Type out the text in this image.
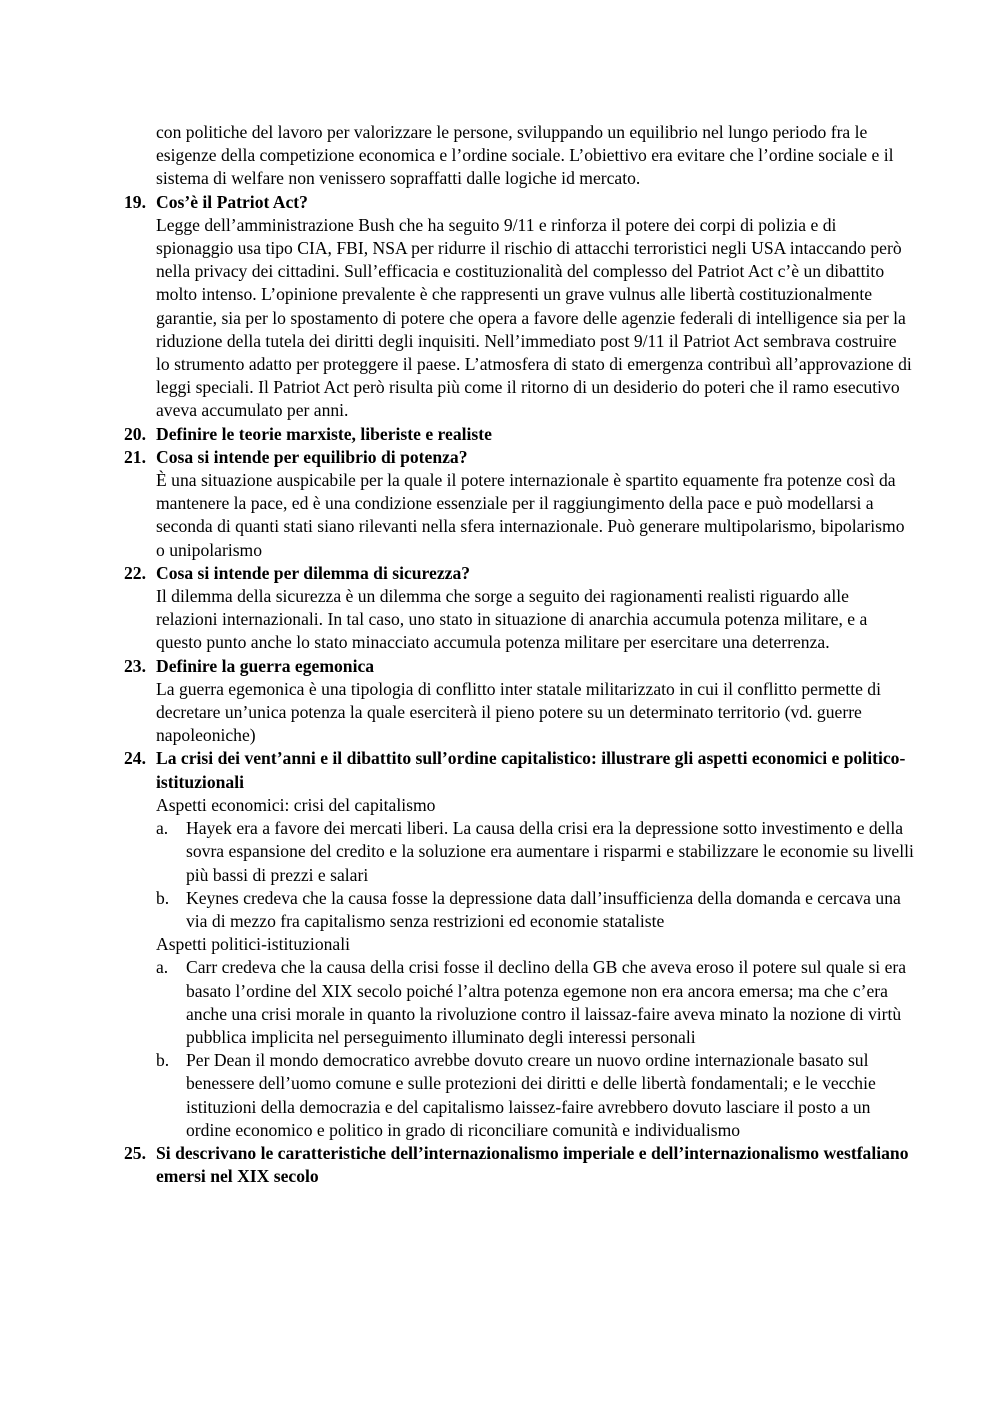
con politiche del lavoro per valorizzare le persone, sviluppando un equilibrio nel lungo periodo fra le esigenze della competizione economica e l’ordine sociale. L’obiettivo era evitare che l’ordine sociale e il sistema di welfare non venissero sopraffatti dalle logiche id mercato.

19. Cos’è il Patriot Act?

Legge dell’amministrazione Bush che ha seguito 9/11 e rinforza il potere dei corpi di polizia e di spionaggio usa tipo CIA, FBI, NSA per ridurre il rischio di attacchi terroristici negli USA intaccando però nella privacy dei cittadini. Sull’efficacia e costituzionalità del complesso del Patriot Act c’è un dibattito molto intenso. L’opinione prevalente è che rappresenti un grave vulnus alle libertà costituzionalmente garantie, sia per lo spostamento di potere che opera a favore delle agenzie federali di intelligence sia per la riduzione della tutela dei diritti degli inquisiti. Nell’immediato post 9/11 il Patriot Act sembrava costruire lo strumento adatto per proteggere il paese. L’atmosfera di stato di emergenza contribuì all’approvazione di leggi speciali. Il Patriot Act però risulta più come il ritorno di un desiderio do poteri che il ramo esecutivo aveva accumulato per anni.

20. Definire le teorie marxiste, liberiste e realiste
21. Cosa si intende per equilibrio di potenza?

È una situazione auspicabile per la quale il potere internazionale è spartito equamente fra potenze così da mantenere la pace, ed è una condizione essenziale per il raggiungimento della pace e può modellarsi a seconda di quanti stati siano rilevanti nella sfera internazionale. Può generare multipolarismo, bipolarismo o unipolarismo

22. Cosa si intende per dilemma di sicurezza?

Il dilemma della sicurezza è un dilemma che sorge a seguito dei ragionamenti realisti riguardo alle relazioni internazionali. In tal caso, uno stato in situazione di anarchia accumula potenza militare, e a questo punto anche lo stato minacciato accumula potenza militare per esercitare una deterrenza.

23. Definire la guerra egemonica

La guerra egemonica è una tipologia di conflitto inter statale militarizzato in cui il conflitto permette di decretare un’unica potenza la quale eserciterà il pieno potere su un determinato territorio (vd. guerre napoleoniche)

24. La crisi dei vent’anni e il dibattito sull’ordine capitalistico: illustrare gli aspetti economici e politico-istituzionali

Aspetti economici: crisi del capitalismo

a. Hayek era a favore dei mercati liberi. La causa della crisi era la depressione sotto investimento e della sovra espansione del credito e la soluzione era aumentare i risparmi e stabilizzare le economie su livelli più bassi di prezzi e salari
b. Keynes credeva che la causa fosse la depressione data dall’insufficienza della domanda e cercava una via di mezzo fra capitalismo senza restrizioni ed economie stataliste

Aspetti politici-istituzionali

a. Carr credeva che la causa della crisi fosse il declino della GB che aveva eroso il potere sul quale si era basato l’ordine del XIX secolo poiché l’altra potenza egemone non era ancora emersa; ma che c’era anche una crisi morale in quanto la rivoluzione contro il laissaz-faire aveva minato la nozione di virtù pubblica implicita nel perseguimento illuminato degli interessi personali
b. Per Dean il mondo democratico avrebbe dovuto creare un nuovo ordine internazionale basato sul benessere dell’uomo comune e sulle protezioni dei diritti e delle libertà fondamentali; e le vecchie istituzioni della democrazia e del capitalismo laissez-faire avrebbero dovuto lasciare il posto a un ordine economico e politico in grado di riconciliare comunità e individualismo
25. Si descrivano le caratteristiche dell’internazionalismo imperiale e dell’internazionalismo westfaliano emersi nel XIX secolo
